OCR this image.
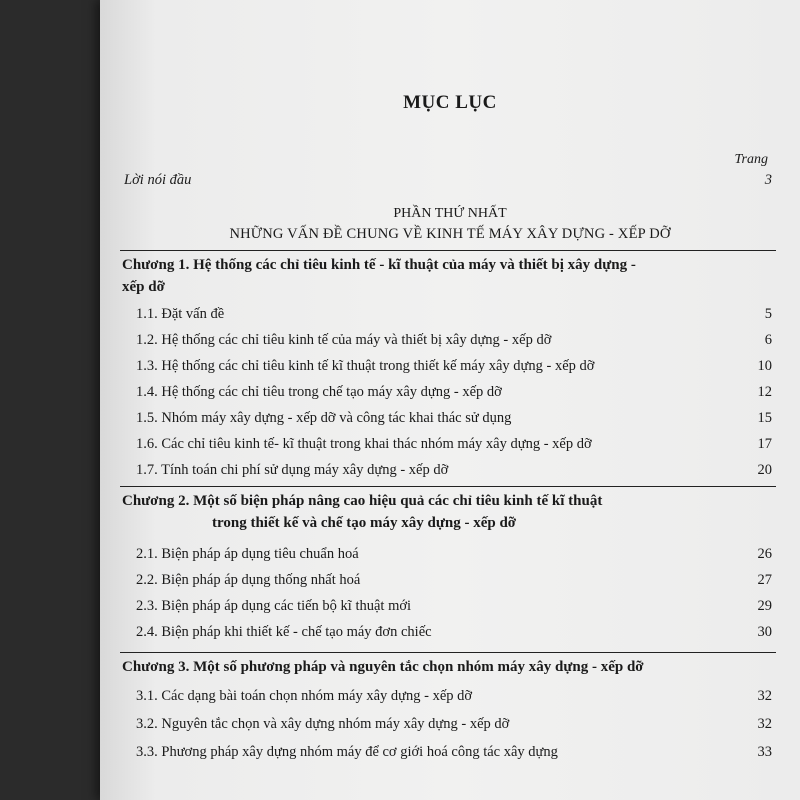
MỤC LỤC
Trang
Lời nói đầu	3
PHẦN THỨ NHẤT
NHỮNG VẤN ĐỀ CHUNG VỀ KINH TẾ MÁY XÂY DỰNG - XẾP DỠ
Chương 1. Hệ thống các chỉ tiêu kinh tế - kĩ thuật của máy và thiết bị xây dựng -
xếp dỡ
1.1. Đặt vấn đề	5
1.2. Hệ thống các chỉ tiêu kinh tế của máy và thiết bị xây dựng - xếp dỡ	6
1.3. Hệ thống các chỉ tiêu kinh tế kĩ thuật trong thiết kế máy xây dựng - xếp dỡ	10
1.4. Hệ thống các chỉ tiêu trong chế tạo máy xây dựng - xếp dỡ	12
1.5. Nhóm máy xây dựng - xếp dỡ và công tác khai thác sử dụng	15
1.6. Các chỉ tiêu kinh tế- kĩ thuật trong khai thác nhóm máy xây dựng - xếp dỡ	17
1.7. Tính toán chi phí sử dụng máy xây dựng - xếp dỡ	20
Chương 2. Một số biện pháp nâng cao hiệu quả các chỉ tiêu kinh tế kĩ thuật
trong thiết kế và chế tạo máy xây dựng - xếp dỡ
2.1. Biện pháp áp dụng tiêu chuẩn hoá	26
2.2. Biện pháp áp dụng thống nhất hoá	27
2.3. Biện pháp áp dụng các tiến bộ kĩ thuật mới	29
2.4. Biện pháp khi thiết kế - chế tạo máy đơn chiếc	30
Chương 3. Một số phương pháp và nguyên tắc chọn nhóm máy xây dựng - xếp dỡ
3.1. Các dạng bài toán chọn nhóm máy xây dựng - xếp dỡ	32
3.2. Nguyên tắc chọn và xây dựng nhóm máy xây dựng - xếp dỡ	32
3.3. Phương pháp xây dựng nhóm máy để cơ giới hoá công tác xây dựng	33
